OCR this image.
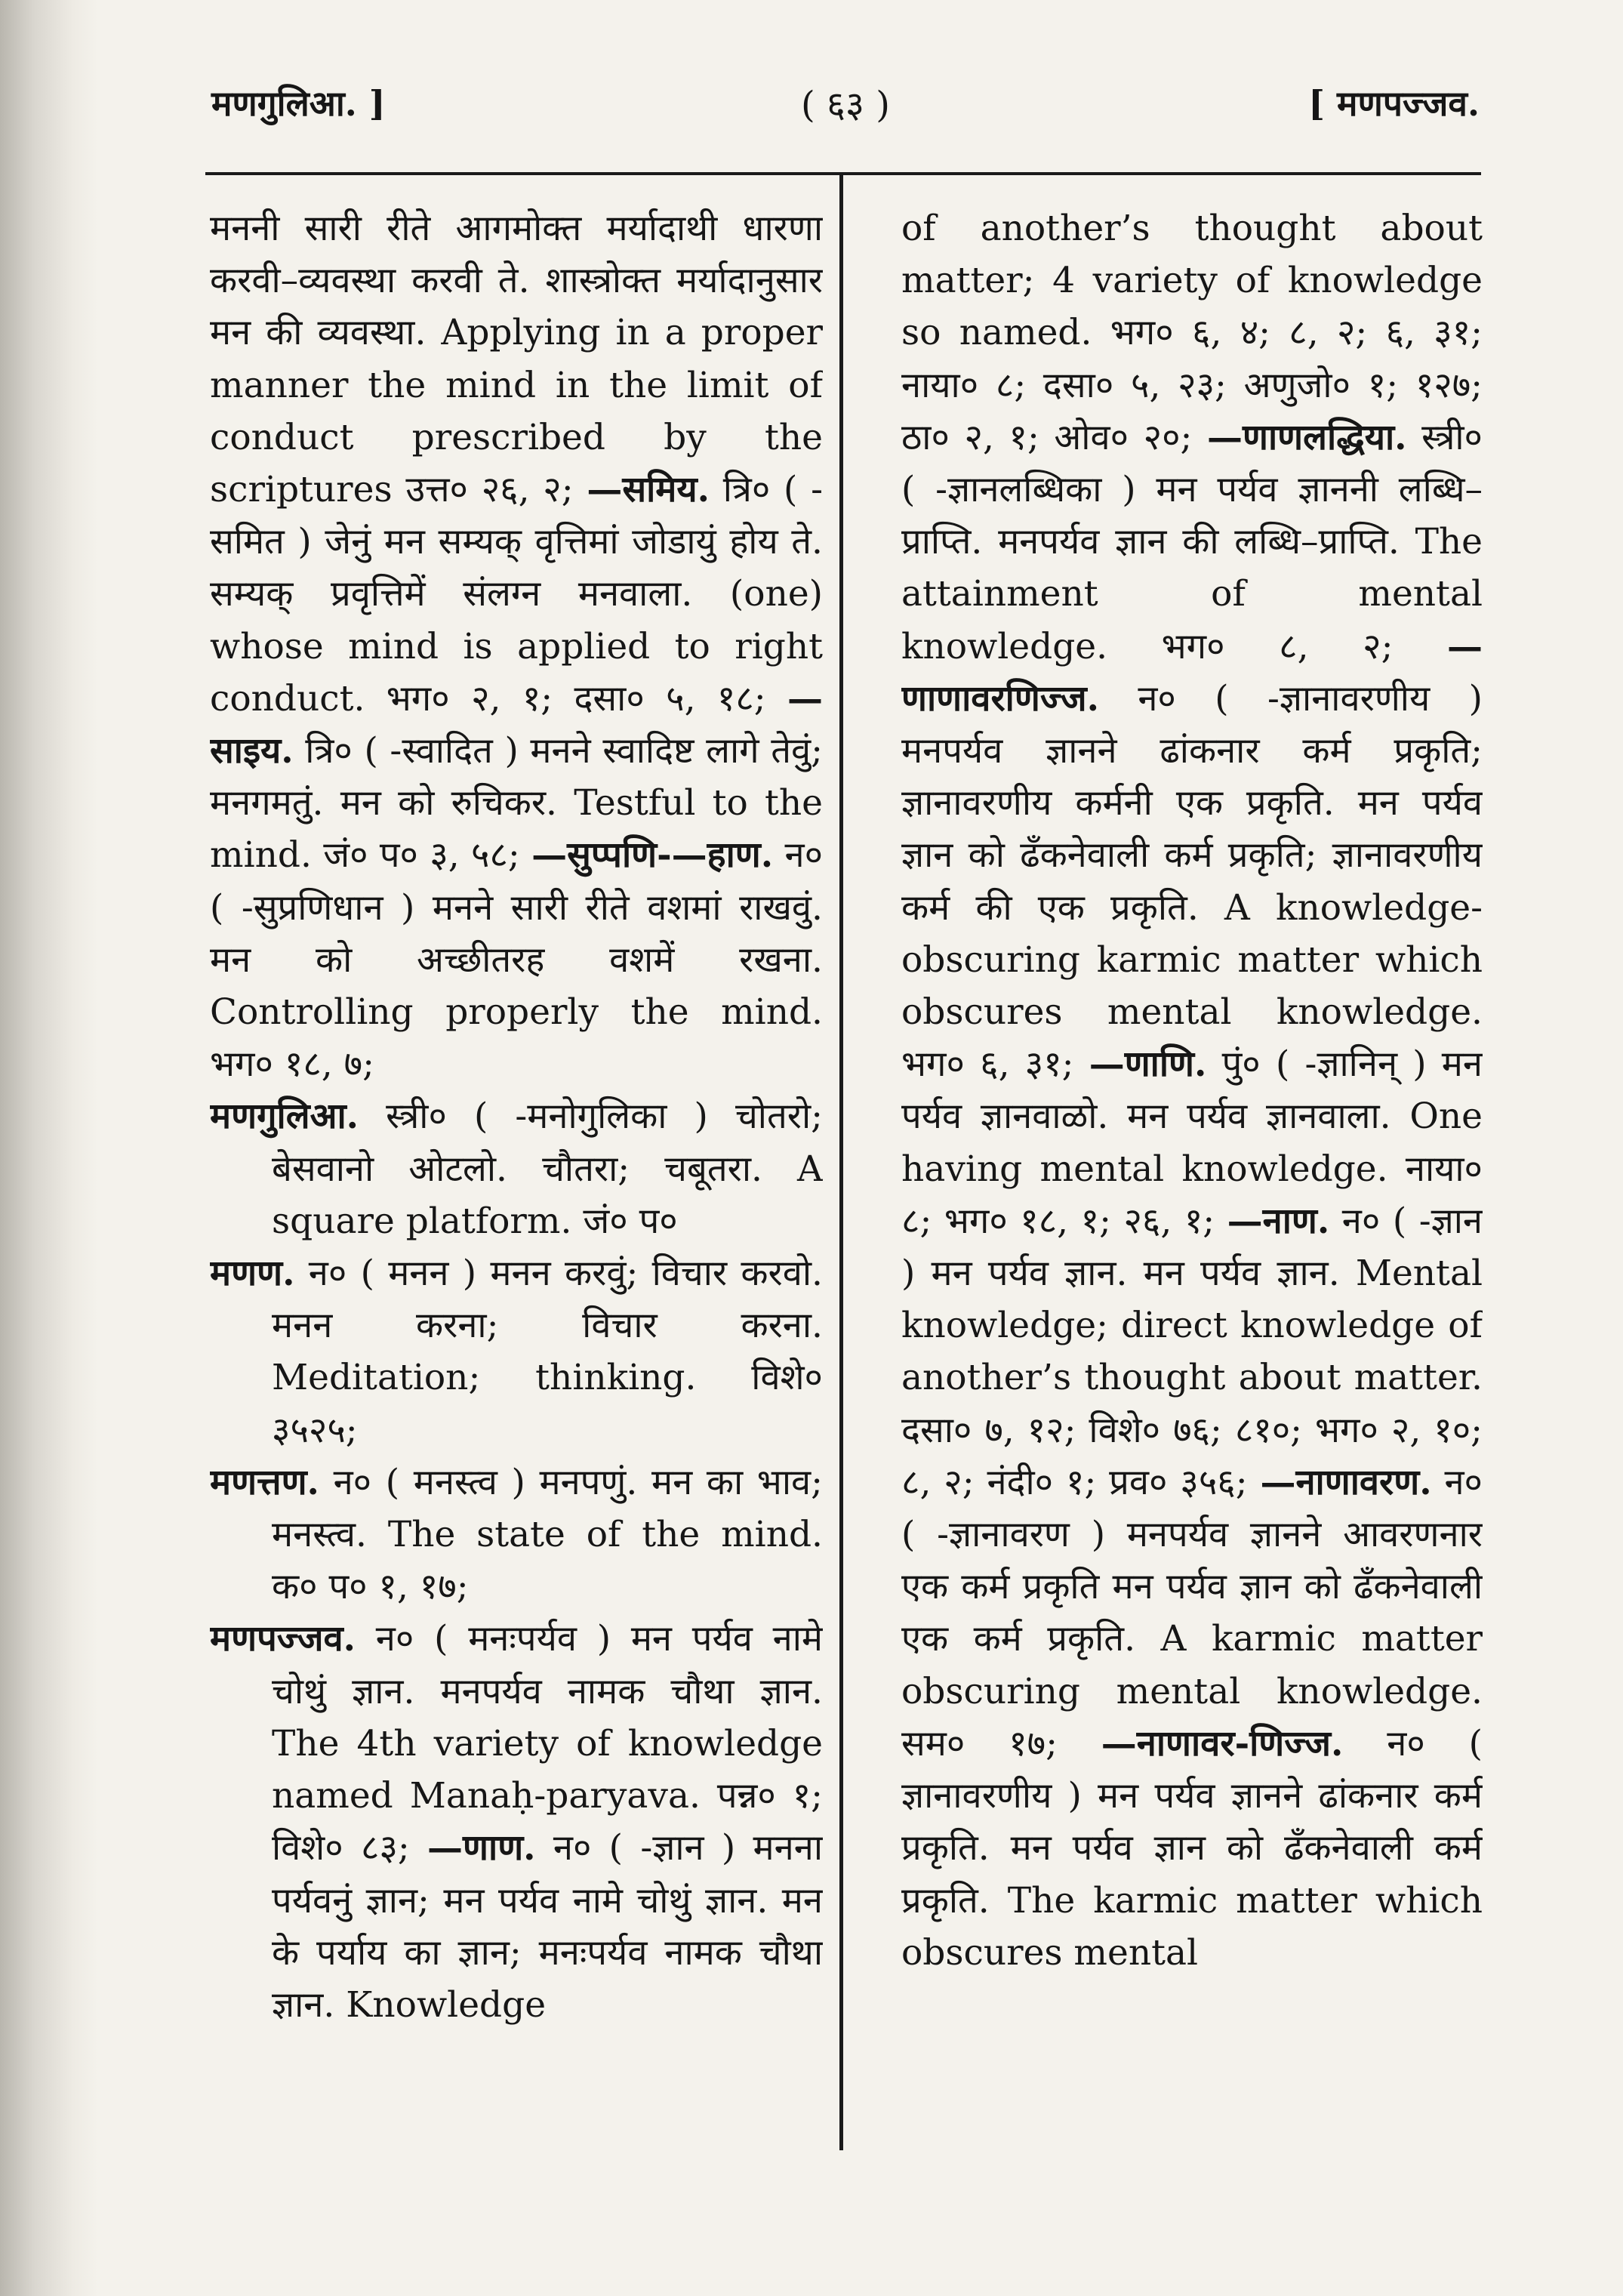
मणगुलिआ. ]	( ६३ )	[ मणपज्जव.

मननी सारी रीते आगमोक्त मर्यादाथी धारणा करवी–व्यवस्था करवी ते. शास्त्रोक्त मर्यादानुसार मन की व्यवस्था. Applying in a proper manner the mind in the limit of conduct prescribed by the scriptures उत्त० २६, २; —समिय. त्रि० ( -समित ) जेनुं मन सम्यक् वृत्तिमां जोडायुं होय ते. सम्यक् प्रवृत्तिमें संलग्न मनवाला. (one) whose mind is applied to right conduct. भग० २, १; दसा० ५, १८; —साइय. त्रि० ( -स्वादित ) मनने स्वादिष्ट लागे तेवुं; मनगमतुं. मन को रुचिकर. Testful to the mind. जं० प० ३, ५८; —सुप्पणि-—हाण. न० ( -सुप्रणिधान ) मनने सारी रीते वशमां राखवुं. मन को अच्छीतरह वशमें रखना. Controlling properly the mind. भग० १८, ७;

मणगुलिआ. स्त्री० ( -मनोगुलिका ) चोतरो; बेसवानो ओटलो. चौतरा; चबूतरा. A square platform. जं० प०

मणण. न० ( मनन ) मनन करवुं; विचार करवो. मनन करना; विचार करना. Meditation; thinking. विशे० ३५२५;

मणत्तण. न० ( मनस्त्व ) मनपणुं. मन का भाव; मनस्त्व. The state of the mind. क० प० १, १७;

मणपज्जव. न० ( मनःपर्यव ) मन पर्यव नामे चोथुं ज्ञान. मनपर्यव नामक चौथा ज्ञान. The 4th variety of knowledge named Manaḥ-paryava. पन्न० १; विशे० ८३; —णाण. न० ( -ज्ञान ) मनना पर्यवनुं ज्ञान; मन पर्यव नामे चोथुं ज्ञान. मन के पर्याय का ज्ञान; मनःपर्यव नामक चौथा ज्ञान. Knowledge

of another’s thought about matter; 4 variety of knowledge so named. भग० ६, ४; ८, २; ६, ३१; नाया० ८; दसा० ५, २३; अणुजो० १; १२७; ठा० २, १; ओव० २०; —णाणलद्धिया. स्त्री० ( -ज्ञानलब्धिका ) मन पर्यव ज्ञाननी लब्धि–प्राप्ति. मनपर्यव ज्ञान की लब्धि–प्राप्ति. The attainment of mental knowledge. भग० ८, २; —णाणावरणिज्ज. न० ( -ज्ञानावरणीय ) मनपर्यव ज्ञानने ढांकनार कर्म प्रकृति; ज्ञानावरणीय कर्मनी एक प्रकृति. मन पर्यव ज्ञान को ढँकनेवाली कर्म प्रकृति; ज्ञानावरणीय कर्म की एक प्रकृति. A knowledge-obscuring karmic matter which obscures mental knowledge. भग० ६, ३१; —णाणि. पुं० ( -ज्ञानिन् ) मन पर्यव ज्ञानवाळो. मन पर्यव ज्ञानवाला. One having mental knowledge. नाया० ८; भग० १८, १; २६, १; —नाण. न० ( -ज्ञान ) मन पर्यव ज्ञान. मन पर्यव ज्ञान. Mental knowledge; direct knowledge of another’s thought about matter. दसा० ७, १२; विशे० ७६; ८१०; भग० २, १०; ८, २; नंदी० १; प्रव० ३५६; —नाणावरण. न० ( -ज्ञानावरण ) मनपर्यव ज्ञानने आवरणनार एक कर्म प्रकृति मन पर्यव ज्ञान को ढँकनेवाली एक कर्म प्रकृति. A karmic matter obscuring mental knowledge. सम० १७; —नाणावर-णिज्ज. न० ( ज्ञानावरणीय ) मन पर्यव ज्ञानने ढांकनार कर्म प्रकृति. मन पर्यव ज्ञान को ढँकनेवाली कर्म प्रकृति. The karmic matter which obscures mental
